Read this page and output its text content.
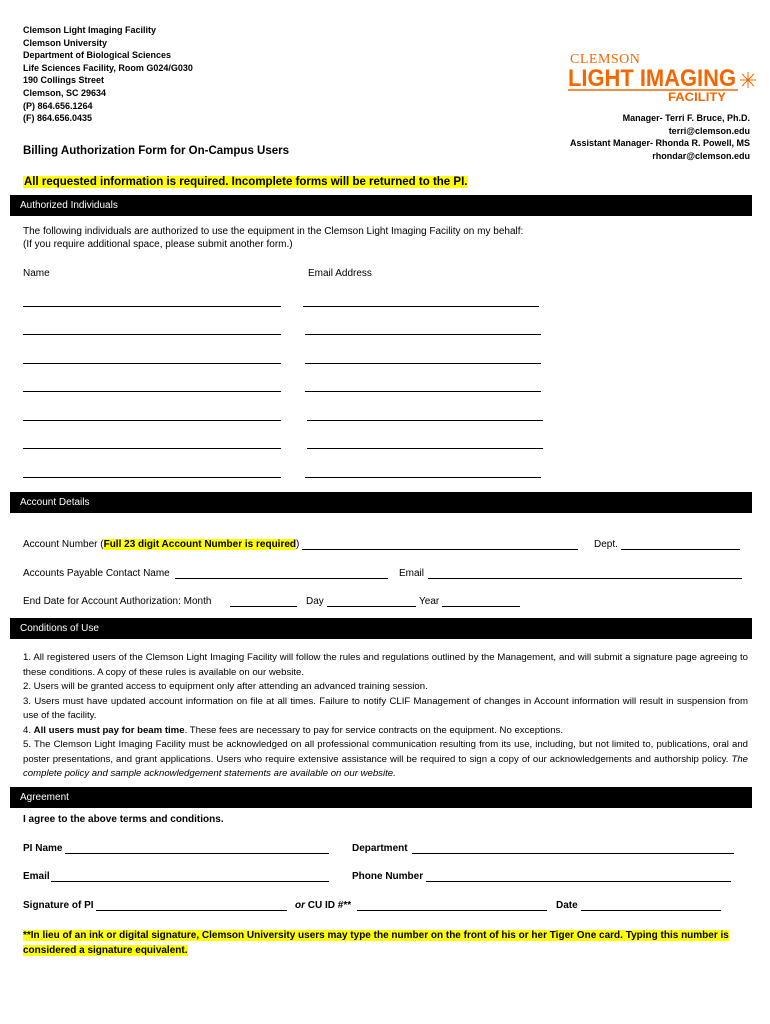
Clemson Light Imaging Facility
Clemson University
Department of Biological Sciences
Life Sciences Facility, Room G024/G030
190 Collings Street
Clemson, SC 29634
(P) 864.656.1264
(F) 864.656.0435
CLEMSON
LIGHT IMAGING
FACILITY
Manager- Terri F. Bruce, Ph.D.
terri@clemson.edu
Assistant Manager- Rhonda R. Powell, MS
rhondar@clemson.edu
Billing Authorization Form for On-Campus Users
All requested information is required. Incomplete forms will be returned to the PI.
Authorized Individuals
The following individuals are authorized to use the equipment in the Clemson Light Imaging Facility on my behalf:
(If you require additional space, please submit another form.)
Name	Email Address
Account Details
Account Number (Full 23 digit Account Number is required)	Dept.
Accounts Payable Contact Name	Email
End Date for Account Authorization: Month	Day	Year
Conditions of Use

1. All registered users of the Clemson Light Imaging Facility will follow the rules and regulations outlined by the Management, and will submit a signature page agreeing to these conditions. A copy of these rules is available on our website.

2. Users will be granted access to equipment only after attending an advanced training session.

3. Users must have updated account information on file at all times. Failure to notify CLIF Management of changes in Account information will result in suspension from use of the facility.

4. All users must pay for beam time. These fees are necessary to pay for service contracts on the equipment. No exceptions.

5. The Clemson Light Imaging Facility must be acknowledged on all professional communication resulting from its use, including, but not limited to, publications, oral and poster presentations, and grant applications. Users who require extensive assistance will be required to sign a copy of our acknowledgements and authorship policy. The complete policy and sample acknowledgement statements are available on our website.

Agreement
I agree to the above terms and conditions.
PI Name	Department
Email	Phone Number
Signature of PI	or CU ID #**	Date
**In lieu of an ink or digital signature, Clemson University users may type the number on the front of his or her Tiger One card. Typing this number is considered a signature equivalent.
